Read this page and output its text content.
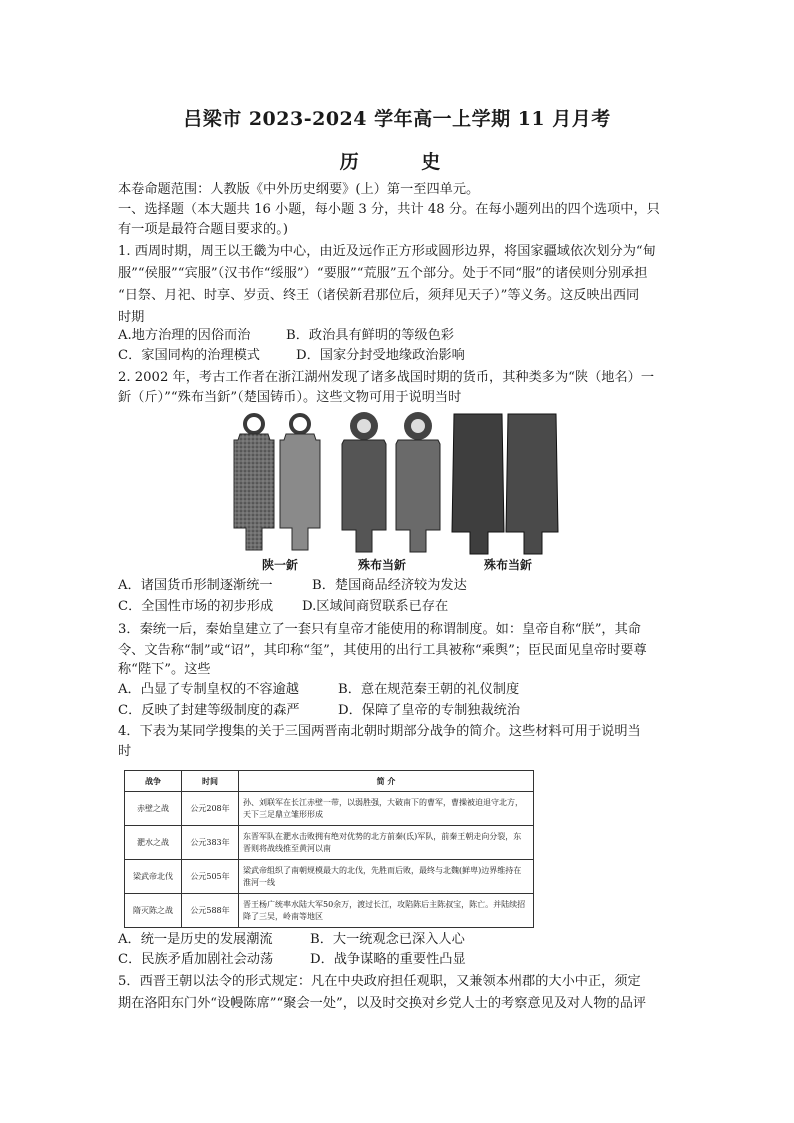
吕梁市 2023-2024 学年高一上学期 11 月月考
历 史
本卷命题范围：人教版《中外历史纲要》(上）第一至四单元。
一、选择题（本大题共 16 小题，每小题 3 分，共计 48 分。在每小题列出的四个选项中，只
有一项是最符合题目要求的。)
1. 西周时期，周王以王畿为中心，由近及远作正方形或圆形边界，将国家疆域依次划分为“甸
服”“侯服”“宾服”（汉书作“绥服”）“要服”“荒服”五个部分。处于不同“服”的诸侯则分别承担
“日祭、月祀、时享、岁贡、终王（诸侯新君那位后，须拜见天子）”等义务。这反映出西同
时期
A.地方治理的因俗而治	B．政治具有鲜明的等级色彩
C．家国同构的治理模式	D．国家分封受地缘政治影响
2. 2002 年，考古工作者在浙江湖州发现了诸多战国时期的货币，其种类多为“陕（地名）一
釿（斤）”“殊布当釿”（楚国铸币）。这些文物可用于说明当时
陕一釿	殊布当釿	殊布当釿
A．诸国货币形制逐渐统一	B．楚国商品经济较为发达
C．全国性市场的初步形成 D.区域间商贸联系已存在
3．秦统一后，秦始皇建立了一套只有皇帝才能使用的称谓制度。如：皇帝自称“朕”，其命
令、文告称“制”或“诏”，其印称“玺”，其使用的出行工具被称“乘舆”；臣民面见皇帝时要尊
称“陛下”。这些
A．凸显了专制皇权的不容逾越	B．意在规范秦王朝的礼仪制度
C．反映了封建等级制度的森严	D．保障了皇帝的专制独裁统治
4．下表为某同学搜集的关于三国两晋南北朝时期部分战争的简介。这些材料可用于说明当
时
战争	时间	简 介
赤壁之战	公元208年	孙、刘联军在长江赤壁一带，以弱胜强，大破南下的曹军，曹操被迫退守北方，天下三足鼎立雏形形成
淝水之战	公元383年	东晋军队在淝水击败拥有绝对优势的北方前秦(氐)军队，前秦王朝走向分裂，东晋则将战线推至黄河以南
梁武帝北伐	公元505年	梁武帝组织了南朝规模最大的北伐，先胜而后败，最终与北魏(鲜卑)边界维持在淮河一线
隋灭陈之战	公元588年	晋王杨广统率水陆大军50余万，渡过长江，攻陷陈后主陈叔宝，陈亡。并陆续招降了三吴，岭南等地区
A．统一是历史的发展潮流	B．大一统观念已深入人心
C．民族矛盾加剧社会动荡	D．战争谋略的重要性凸显
5．西晋王朝以法令的形式规定：凡在中央政府担任观职，又兼领本州郡的大小中正，须定
期在洛阳东门外“设幔陈席”“聚会一处”，以及时交换对乡党人士的考察意见及对人物的品评
